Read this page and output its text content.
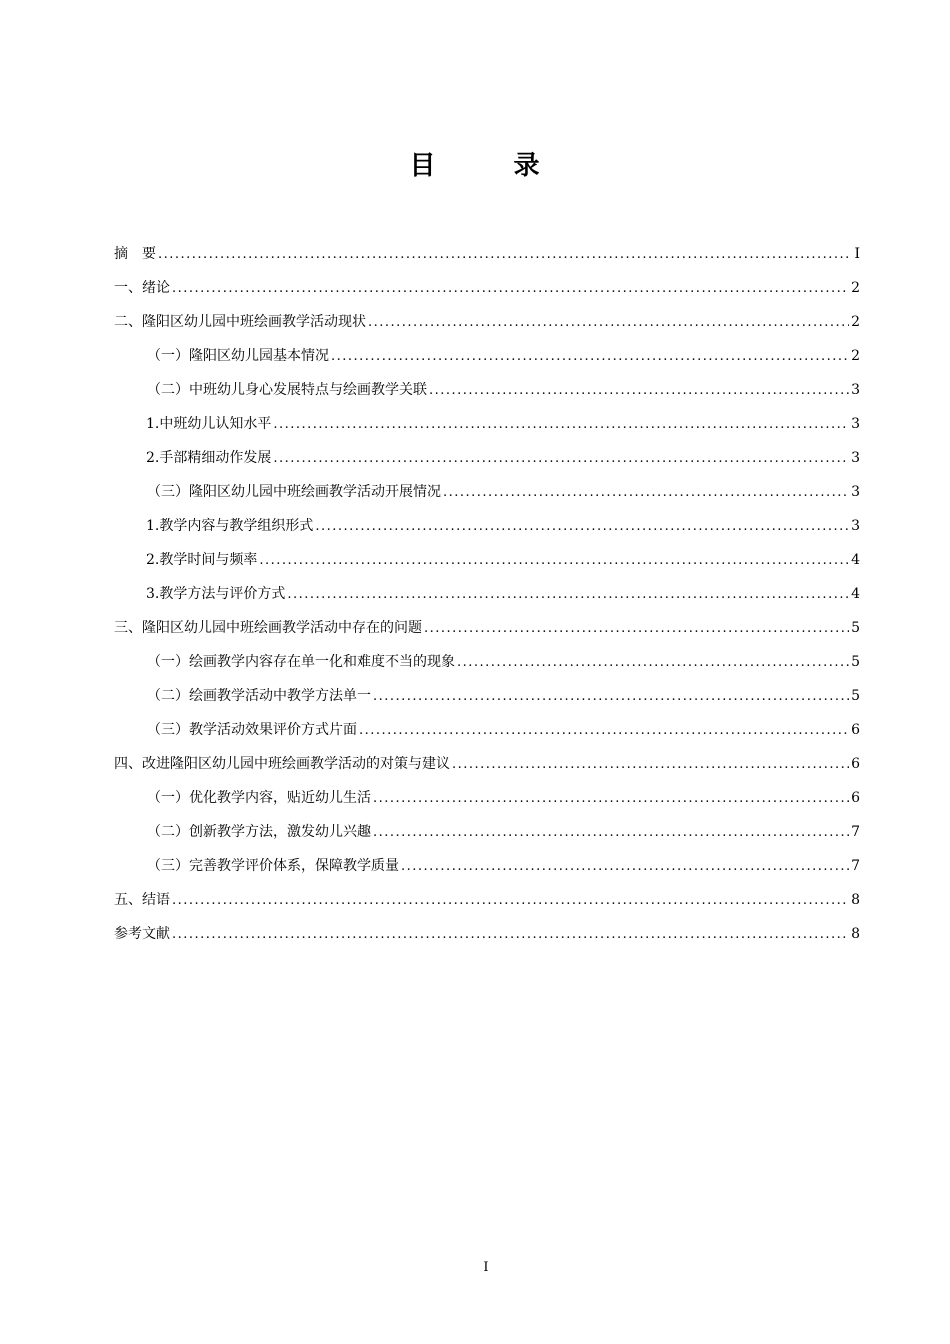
目　录
摘　要 .....	I
一、绪论 .....	2
二、隆阳区幼儿园中班绘画教学活动现状 .....	2
（一）隆阳区幼儿园基本情况 .....	2
（二）中班幼儿身心发展特点与绘画教学关联 .....	3
1.中班幼儿认知水平 .....	3
2.手部精细动作发展 .....	3
（三）隆阳区幼儿园中班绘画教学活动开展情况 .....	3
1.教学内容与教学组织形式 .....	3
2.教学时间与频率 .....	4
3.教学方法与评价方式 .....	4
三、隆阳区幼儿园中班绘画教学活动中存在的问题 .....	5
（一）绘画教学内容存在单一化和难度不当的现象 .....	5
（二）绘画教学活动中教学方法单一 .....	5
（三）教学活动效果评价方式片面 .....	6
四、改进隆阳区幼儿园中班绘画教学活动的对策与建议 .....	6
（一）优化教学内容，贴近幼儿生活 .....	6
（二）创新教学方法，激发幼儿兴趣 .....	7
（三）完善教学评价体系，保障教学质量 .....	7
五、结语 .....	8
参考文献 .....	8
I
